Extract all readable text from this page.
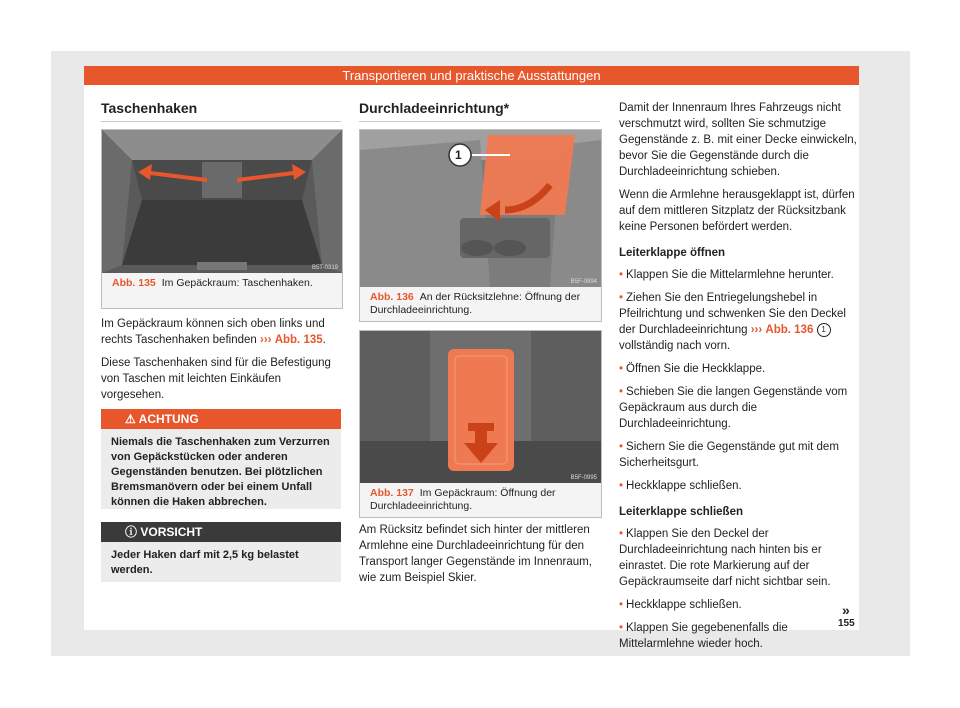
Transportieren und praktische Ausstattungen
Taschenhaken
B5T-0319
Abb. 135 Im Gepäckraum: Taschenhaken.

Im Gepäckraum können sich oben links und rechts Taschenhaken befinden ››› Abb. 135.

Diese Taschenhaken sind für die Befestigung von Taschen mit leichten Einkäufen vorgesehen.

⚠ ACHTUNG
Niemals die Taschenhaken zum Verzurren von Gepäckstücken oder anderen Gegenständen benutzen. Bei plötzlichen Bremsmanövern oder bei einem Unfall können die Haken abbrechen.
ⓘ VORSICHT
Jeder Haken darf mit 2,5 kg belastet werden.
Durchladeeinrichtung*
1
B5F-0994
Abb. 136 An der Rücksitzlehne: Öffnung der Durchladeeinrichtung.
B5F-0995
Abb. 137 Im Gepäckraum: Öffnung der Durchladeeinrichtung.

Am Rücksitz befindet sich hinter der mittleren Armlehne eine Durchladeeinrichtung für den Transport langer Gegenstände im Innenraum, wie zum Beispiel Skier.

Damit der Innenraum Ihres Fahrzeugs nicht verschmutzt wird, sollten Sie schmutzige Gegenstände z. B. mit einer Decke einwickeln, bevor Sie die Gegenstände durch die Durchladeeinrichtung schieben.

Wenn die Armlehne herausgeklappt ist, dürfen auf dem mittleren Sitzplatz der Rücksitzbank keine Personen befördert werden.

Leiterklappe öffnen

• Klappen Sie die Mittelarmlehne herunter.

• Ziehen Sie den Entriegelungshebel in Pfeilrichtung und schwenken Sie den Deckel der Durchladeeinrichtung ››› Abb. 136 1 vollständig nach vorn.

• Öffnen Sie die Heckklappe.

• Schieben Sie die langen Gegenstände vom Gepäckraum aus durch die Durchladeeinrichtung.

• Sichern Sie die Gegenstände gut mit dem Sicherheitsgurt.

• Heckklappe schließen.

Leiterklappe schließen

• Klappen Sie den Deckel der Durchladeeinrichtung nach hinten bis er einrastet. Die rote Markierung auf der Gepäckraumseite darf nicht sichtbar sein.

• Heckklappe schließen.

• Klappen Sie gegebenenfalls die Mittelarmlehne wieder hoch.

»
155
